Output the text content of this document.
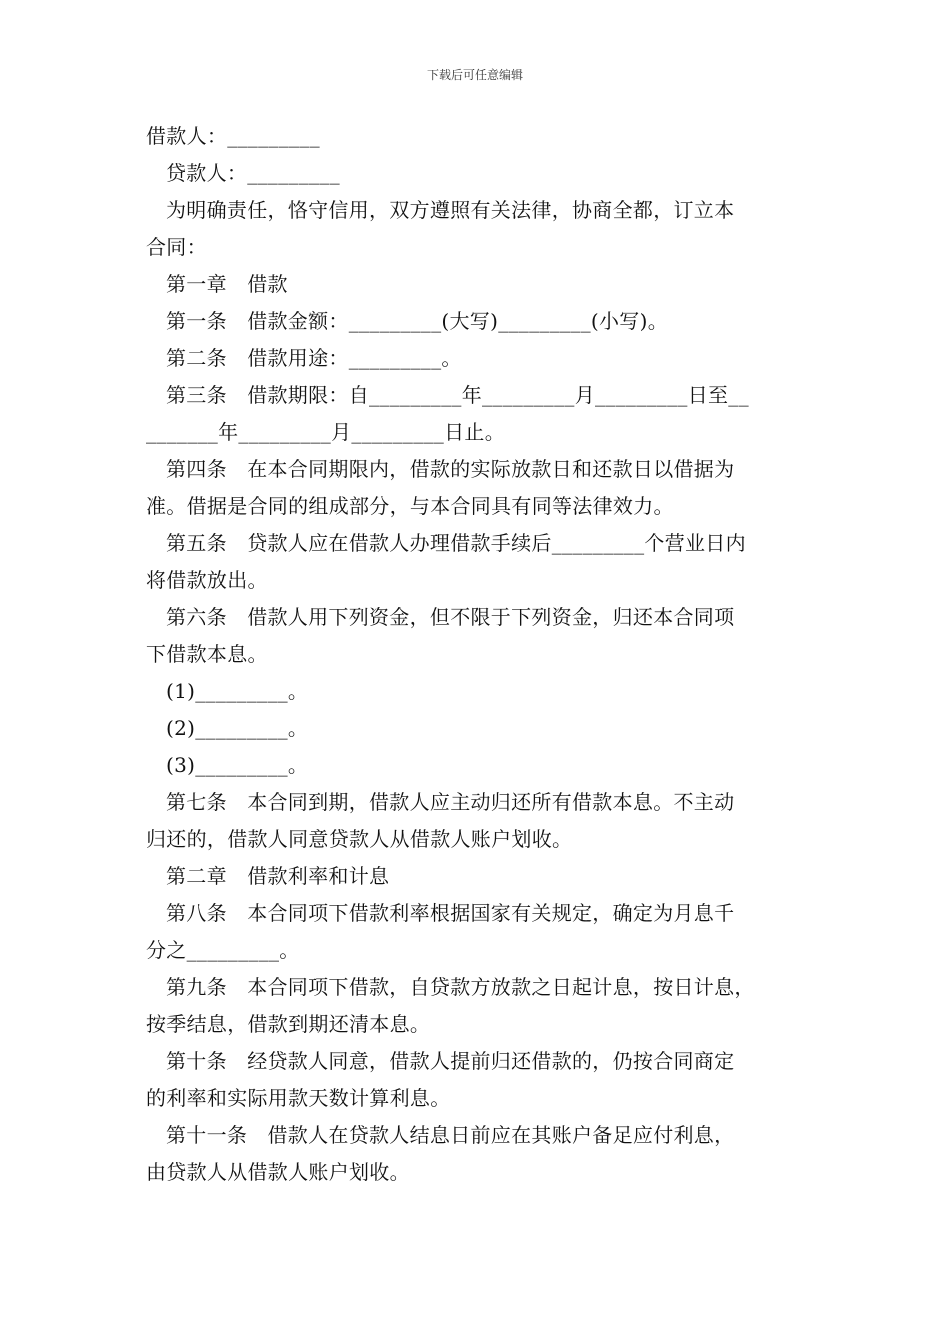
下载后可任意编辑
借款人：_________
贷款人：_________
为明确责任，恪守信用，双方遵照有关法律，协商全都，订立本
合同：
第一章　借款
第一条　借款金额：_________(大写)_________(小写)。
第二条　借款用途：_________。
第三条　借款期限：自_________年_________月_________日至__
_______年_________月_________日止。
第四条　在本合同期限内，借款的实际放款日和还款日以借据为
准。借据是合同的组成部分，与本合同具有同等法律效力。
第五条　贷款人应在借款人办理借款手续后_________个营业日内
将借款放出。
第六条　借款人用下列资金，但不限于下列资金，归还本合同项
下借款本息。
(1)_________。
(2)_________。
(3)_________。
第七条　本合同到期，借款人应主动归还所有借款本息。不主动
归还的，借款人同意贷款人从借款人账户划收。
第二章　借款利率和计息
第八条　本合同项下借款利率根据国家有关规定，确定为月息千
分之_________。
第九条　本合同项下借款，自贷款方放款之日起计息，按日计息，
按季结息，借款到期还清本息。
第十条　经贷款人同意，借款人提前归还借款的，仍按合同商定
的利率和实际用款天数计算利息。
第十一条　借款人在贷款人结息日前应在其账户备足应付利息，
由贷款人从借款人账户划收。
